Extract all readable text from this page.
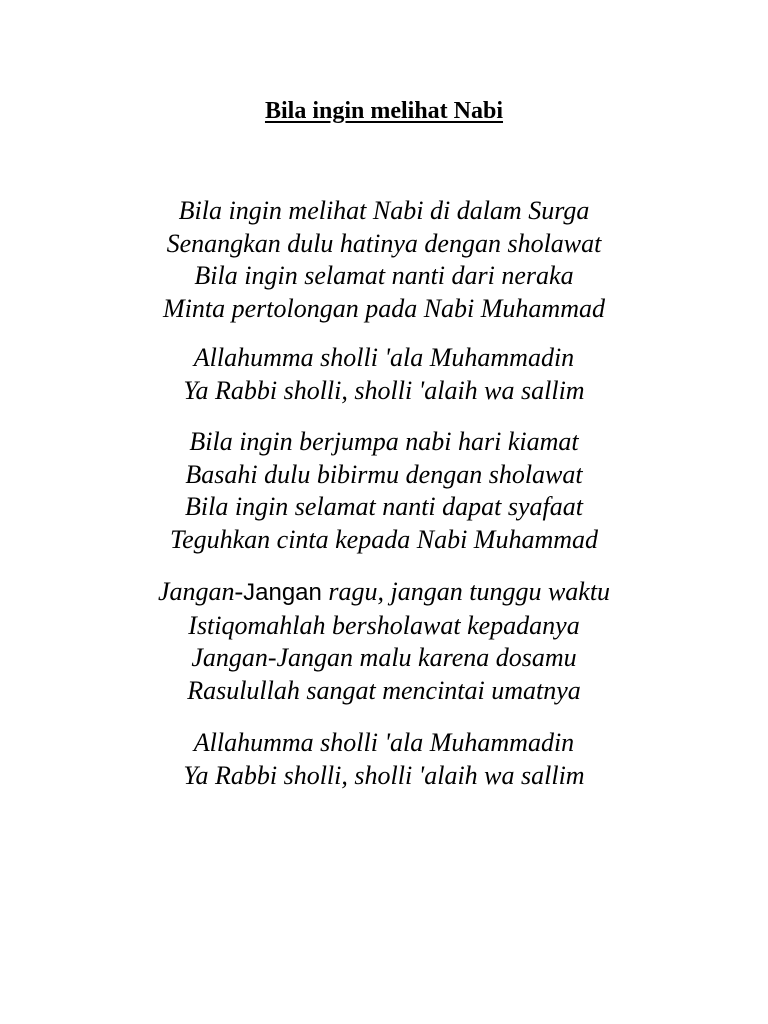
Bila ingin melihat Nabi
Bila ingin melihat Nabi di dalam Surga
Senangkan dulu hatinya dengan sholawat
Bila ingin selamat nanti dari neraka
Minta pertolongan pada Nabi Muhammad
Allahumma sholli 'ala Muhammadin
Ya Rabbi sholli, sholli 'alaih wa sallim
Bila ingin berjumpa nabi hari kiamat
Basahi dulu bibirmu dengan sholawat
Bila ingin selamat nanti dapat syafaat
Teguhkan cinta kepada Nabi Muhammad
Jangan-Jangan ragu, jangan tunggu waktu
Istiqomahlah bersholawat kepadanya
Jangan-Jangan malu karena dosamu
Rasulullah sangat mencintai umatnya
Allahumma sholli 'ala Muhammadin
Ya Rabbi sholli, sholli 'alaih wa sallim
